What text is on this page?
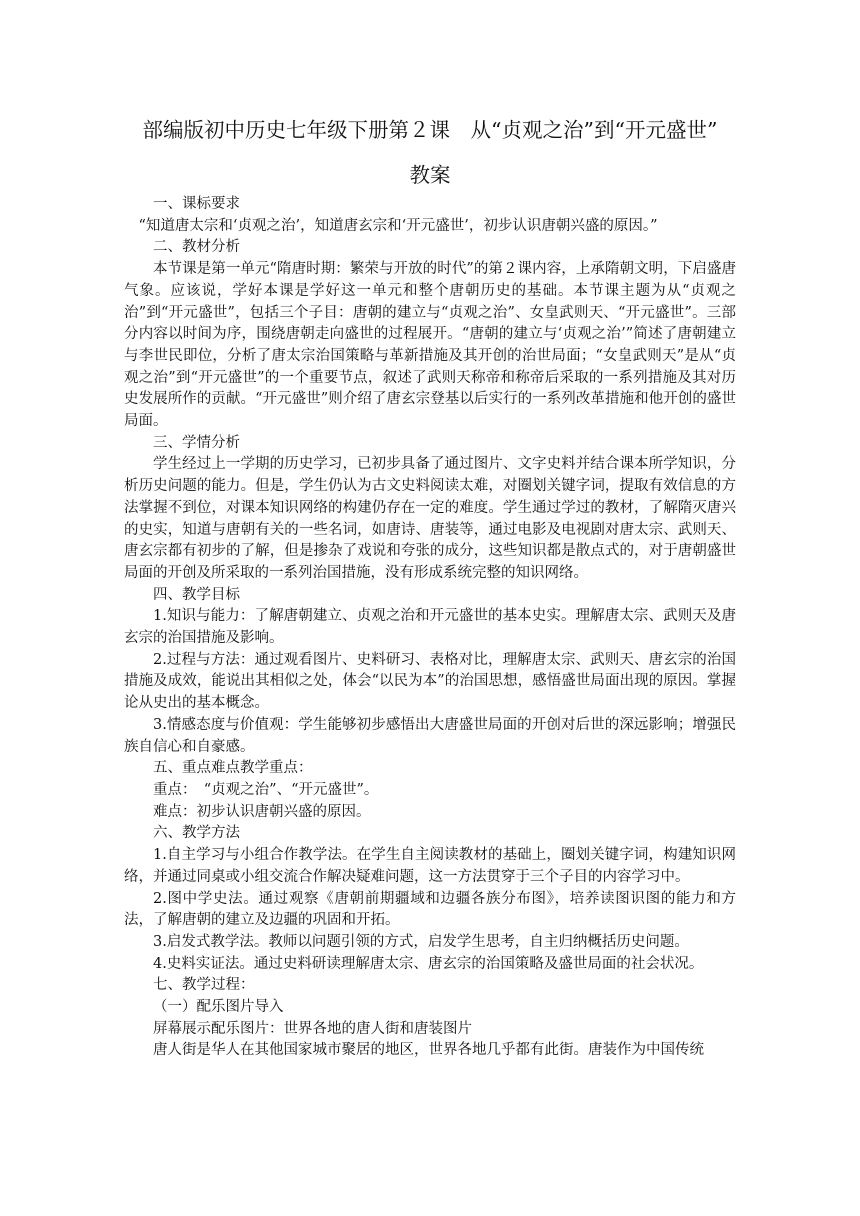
部编版初中历史七年级下册第２课　从“贞观之治”到“开元盛世”
教案

一、课标要求

“知道唐太宗和‘贞观之治’，知道唐玄宗和‘开元盛世’，初步认识唐朝兴盛的原因。”

二、教材分析

本节课是第一单元“隋唐时期：繁荣与开放的时代”的第２课内容，上承隋朝文明，下启盛唐气象。应该说，学好本课是学好这一单元和整个唐朝历史的基础。本节课主题为从“贞观之治”到“开元盛世”，包括三个子目：唐朝的建立与“贞观之治”、女皇武则天、“开元盛世”。三部分内容以时间为序，围绕唐朝走向盛世的过程展开。“唐朝的建立与‘贞观之治’”简述了唐朝建立与李世民即位，分析了唐太宗治国策略与革新措施及其开创的治世局面；“女皇武则天”是从“贞观之治”到“开元盛世”的一个重要节点，叙述了武则天称帝和称帝后采取的一系列措施及其对历史发展所作的贡献。“开元盛世”则介绍了唐玄宗登基以后实行的一系列改革措施和他开创的盛世局面。

三、学情分析

学生经过上一学期的历史学习，已初步具备了通过图片、文字史料并结合课本所学知识，分析历史问题的能力。但是，学生仍认为古文史料阅读太难，对圈划关键字词，提取有效信息的方法掌握不到位，对课本知识网络的构建仍存在一定的难度。学生通过学过的教材，了解隋灭唐兴的史实，知道与唐朝有关的一些名词，如唐诗、唐装等，通过电影及电视剧对唐太宗、武则天、唐玄宗都有初步的了解，但是掺杂了戏说和夸张的成分，这些知识都是散点式的，对于唐朝盛世局面的开创及所采取的一系列治国措施，没有形成系统完整的知识网络。

四、教学目标

1.知识与能力：了解唐朝建立、贞观之治和开元盛世的基本史实。理解唐太宗、武则天及唐玄宗的治国措施及影响。

2.过程与方法：通过观看图片、史料研习、表格对比，理解唐太宗、武则天、唐玄宗的治国措施及成效，能说出其相似之处，体会“以民为本”的治国思想，感悟盛世局面出现的原因。掌握论从史出的基本概念。

3.情感态度与价值观：学生能够初步感悟出大唐盛世局面的开创对后世的深远影响；增强民族自信心和自豪感。

五、重点难点教学重点：

重点：　“贞观之治”、“开元盛世”。

难点：初步认识唐朝兴盛的原因。

六、教学方法

1.自主学习与小组合作教学法。在学生自主阅读教材的基础上，圈划关键字词，构建知识网络，并通过同桌或小组交流合作解决疑难问题，这一方法贯穿于三个子目的内容学习中。

2.图中学史法。通过观察《唐朝前期疆域和边疆各族分布图》，培养读图识图的能力和方法，了解唐朝的建立及边疆的巩固和开拓。

3.启发式教学法。教师以问题引领的方式，启发学生思考，自主归纳概括历史问题。

4.史料实证法。通过史料研读理解唐太宗、唐玄宗的治国策略及盛世局面的社会状况。

七、教学过程：

（一）配乐图片导入

屏幕展示配乐图片：世界各地的唐人街和唐装图片

唐人街是华人在其他国家城市聚居的地区，世界各地几乎都有此街。唐装作为中国传统
